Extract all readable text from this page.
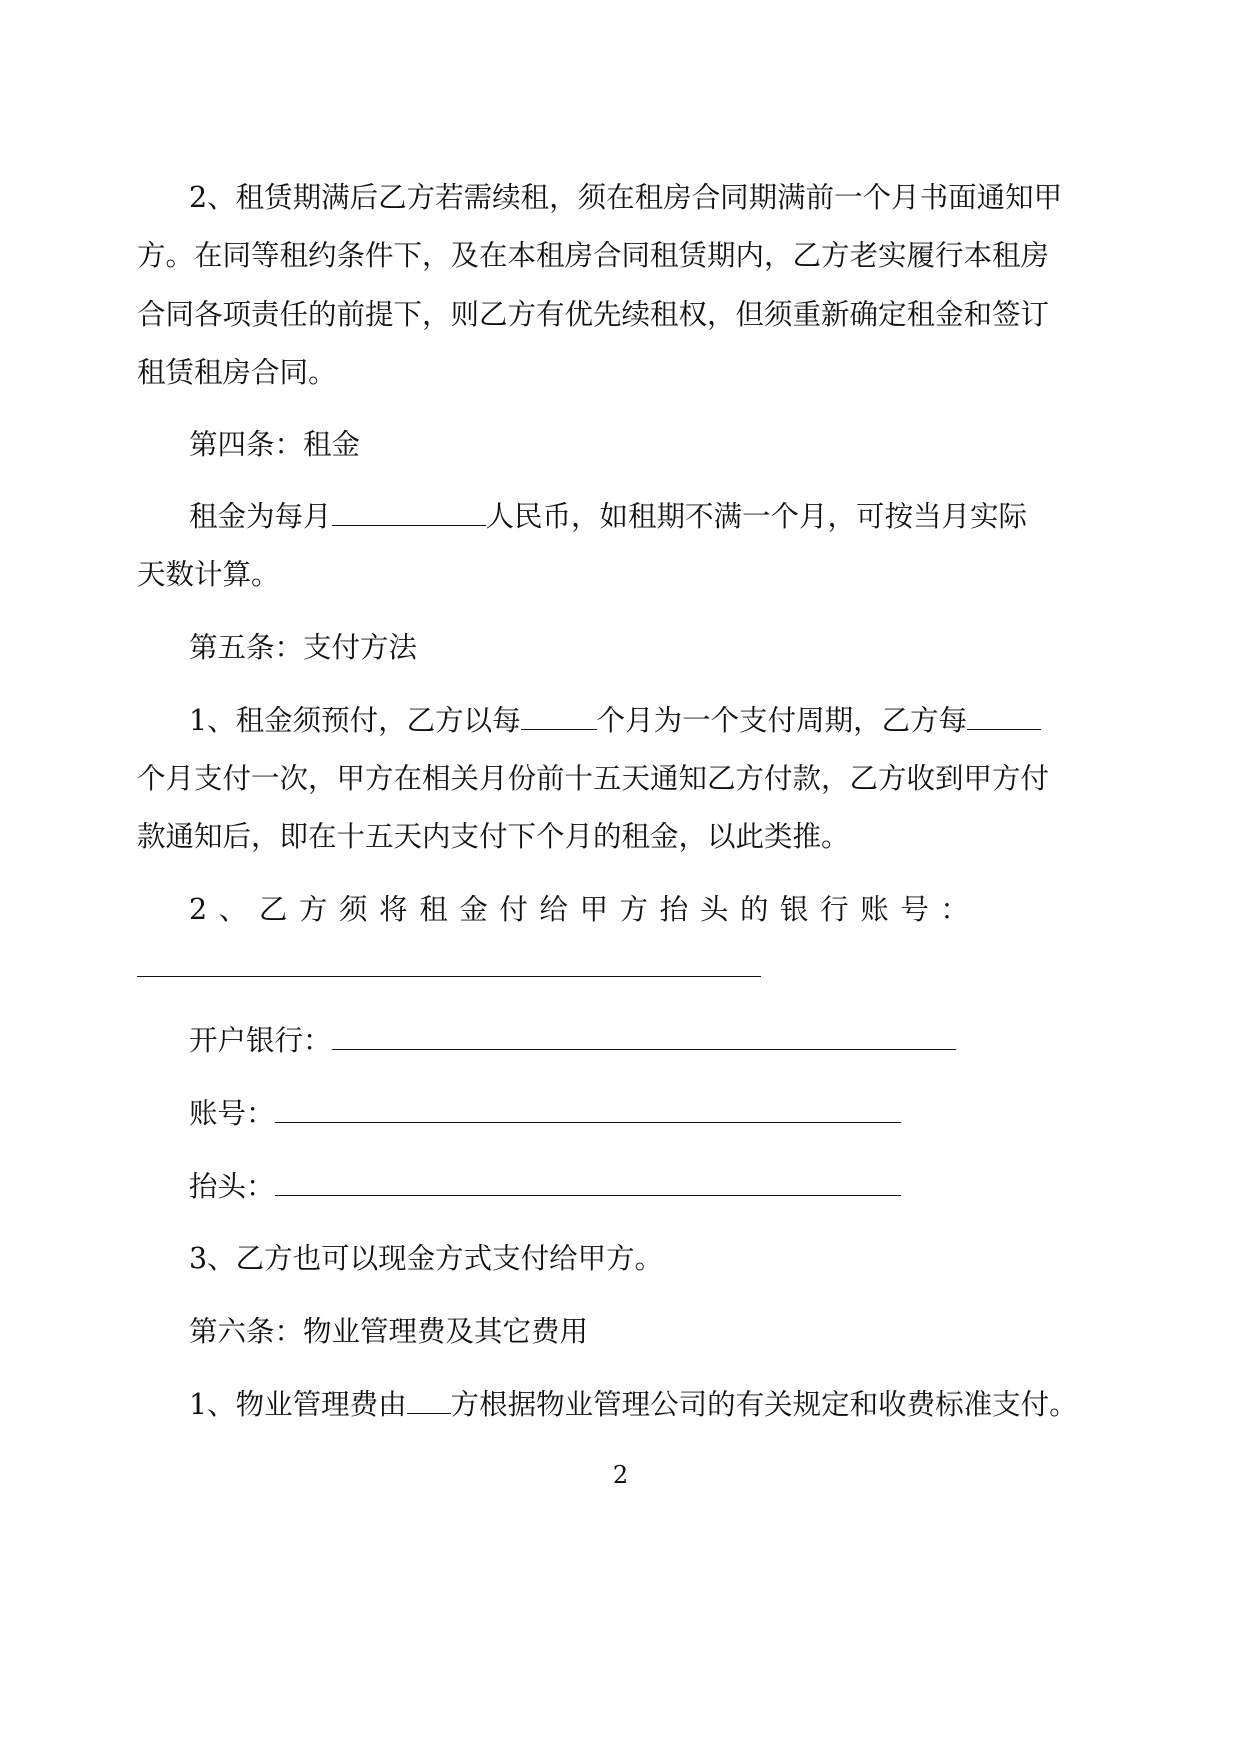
2、租赁期满后乙方若需续租，须在租房合同期满前一个月书面通知甲
方。在同等租约条件下，及在本租房合同租赁期内，乙方老实履行本租房
合同各项责任的前提下，则乙方有优先续租权，但须重新确定租金和签订
租赁租房合同。
第四条：租金
租金为每月	人民币，如租期不满一个月，可按当月实际
天数计算。
第五条：支付方法
1、租金须预付，乙方以每	个月为一个支付周期，乙方每
个月支付一次，甲方在相关月份前十五天通知乙方付款，乙方收到甲方付
款通知后，即在十五天内支付下个月的租金，以此类推。
2 、 乙 方 须 将 租 金 付 给 甲 方 抬 头 的 银 行 账 号 ：
开户银行：
账号：
抬头：
3、乙方也可以现金方式支付给甲方。
第六条：物业管理费及其它费用
1、物业管理费由 方根据物业管理公司的有关规定和收费标准支付。
2
